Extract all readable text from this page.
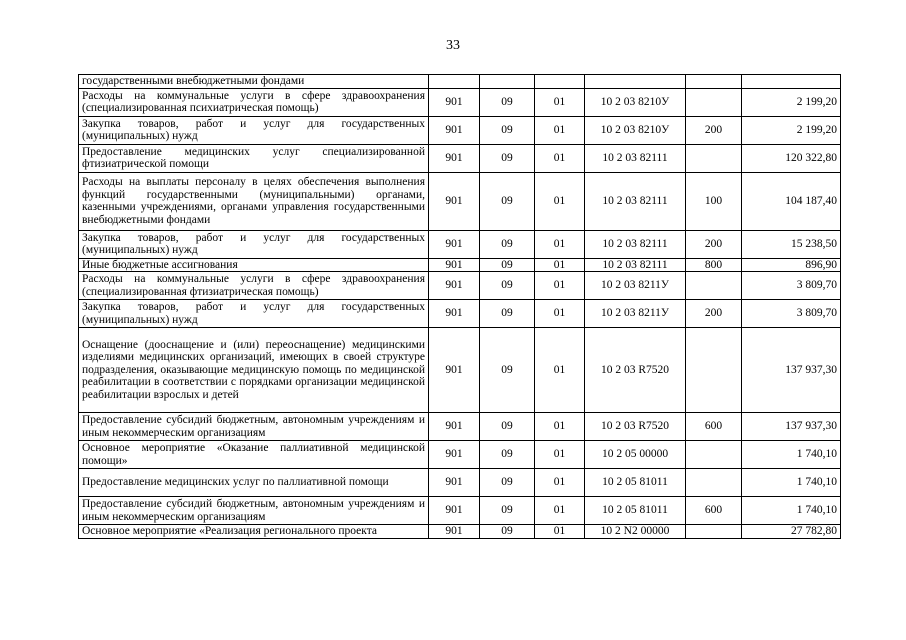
33
государственными внебюджетными фондами						
Расходы на коммунальные услуги в сфере здравоохранения (специализированная психиатрическая помощь)	901	09	01	10 2 03 8210У		2 199,20
Закупка товаров, работ и услуг для государственных (муниципальных) нужд	901	09	01	10 2 03 8210У	200	2 199,20
Предоставление медицинских услуг специализированной фтизиатрической помощи	901	09	01	10 2 03 82111		120 322,80
Расходы на выплаты персоналу в целях обеспечения выполнения функций государственными (муниципальными) органами, казенными учреждениями, органами управления государственными внебюджетными фондами	901	09	01	10 2 03 82111	100	104 187,40
Закупка товаров, работ и услуг для государственных (муниципальных) нужд	901	09	01	10 2 03 82111	200	15 238,50
Иные бюджетные ассигнования	901	09	01	10 2 03 82111	800	896,90
Расходы на коммунальные услуги в сфере здравоохранения (специализированная фтизиатрическая помощь)	901	09	01	10 2 03 8211У		3 809,70
Закупка товаров, работ и услуг для государственных (муниципальных) нужд	901	09	01	10 2 03 8211У	200	3 809,70
Оснащение (дооснащение и (или) переоснащение) медицинскими изделиями медицинских организаций, имеющих в своей структуре подразделения, оказывающие медицинскую помощь по медицинской реабилитации в соответствии с порядками организации медицинской реабилитации взрослых и детей	901	09	01	10 2 03 R7520		137 937,30
Предоставление субсидий бюджетным, автономным учреждениям и иным некоммерческим организациям	901	09	01	10 2 03 R7520	600	137 937,30
Основное мероприятие «Оказание паллиативной медицинской помощи»	901	09	01	10 2 05 00000		1 740,10
Предоставление медицинских услуг по паллиативной помощи	901	09	01	10 2 05 81011		1 740,10
Предоставление субсидий бюджетным, автономным учреждениям и иным некоммерческим организациям	901	09	01	10 2 05 81011	600	1 740,10
Основное мероприятие «Реализация регионального проекта	901	09	01	10 2 N2 00000		27 782,80
